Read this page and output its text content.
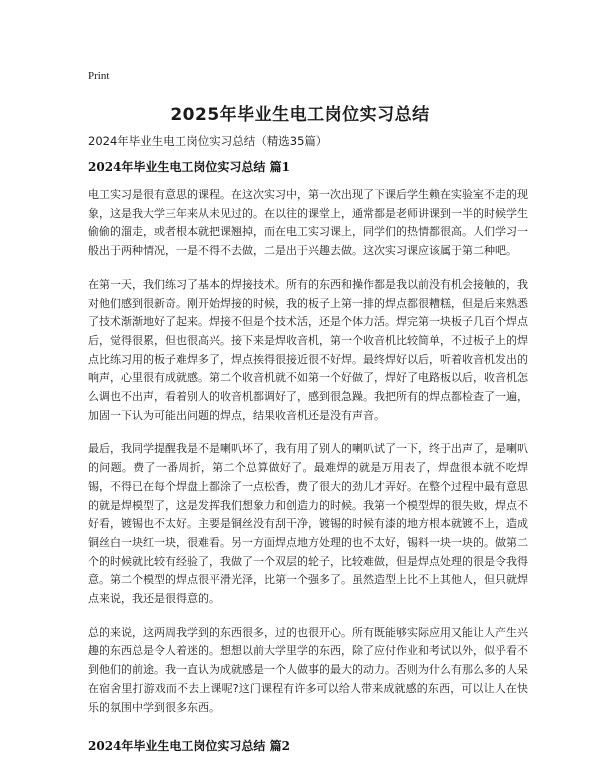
Print
2025年毕业生电工岗位实习总结
2024年毕业生电工岗位实习总结（精选35篇）
2024年毕业生电工岗位实习总结 篇1

电工实习是很有意思的课程。在这次实习中，第一次出现了下课后学生赖在实验室不走的现象，这是我大学三年来从未见过的。在以往的课堂上，通常都是老师讲课到一半的时候学生偷偷的溜走，或者根本就把课翘掉，而在电工实习课上，同学们的热情都很高。人们学习一般出于两种情况，一是不得不去做，二是出于兴趣去做。这次实习课应该属于第二种吧。

在第一天，我们练习了基本的焊接技术。所有的东西和操作都是我以前没有机会接触的，我对他们感到很新奇。刚开始焊接的时候，我的板子上第一排的焊点都很糟糕，但是后来熟悉了技术渐渐地好了起来。焊接不但是个技术活，还是个体力活。焊完第一块板子几百个焊点后，觉得很累，但也很高兴。接下来是焊收音机，第一个收音机比较简单，不过板子上的焊点比练习用的板子难焊多了，焊点挨得很接近很不好焊。最终焊好以后，听着收音机发出的响声，心里很有成就感。第二个收音机就不如第一个好做了，焊好了电路板以后，收音机怎么调也不出声，看着别人的收音机都调好了，感到很急躁。我把所有的焊点都检查了一遍，加固一下认为可能出问题的焊点，结果收音机还是没有声音。

最后，我同学提醒我是不是喇叭坏了，我有用了别人的喇叭试了一下，终于出声了，是喇叭的问题。费了一番周折，第二个总算做好了。最难焊的就是万用表了，焊盘很本就不吃焊锡，不得已在每个焊盘上都涂了一点松香，费了很大的劲儿才弄好。在整个过程中最有意思的就是焊模型了，这是发挥我们想象力和创造力的时候。我第一个模型焊的很失败，焊点不好看，镀锡也不太好。主要是铜丝没有刮干净，镀锡的时候有漆的地方根本就镀不上，造成铜丝白一块红一块，很难看。另一方面焊点地方处理的也不太好，锡料一块一块的。做第二个的时候就比较有经验了，我做了一个双层的轮子，比较难做，但是焊点处理的很是令我得意。第二个模型的焊点很平滑光泽，比第一个强多了。虽然造型上比不上其他人，但只就焊点来说，我还是很得意的。

总的来说，这两周我学到的东西很多，过的也很开心。所有既能够实际应用又能让人产生兴趣的东西总是令人着迷的。想想以前大学里学的东西，除了应付作业和考试以外，似乎看不到他们的前途。我一直认为成就感是一个人做事的最大的动力。否则为什么有那么多的人呆在宿舍里打游戏而不去上课呢?这门课程有许多可以给人带来成就感的东西，可以让人在快乐的氛围中学到很多东西。

2024年毕业生电工岗位实习总结 篇2
